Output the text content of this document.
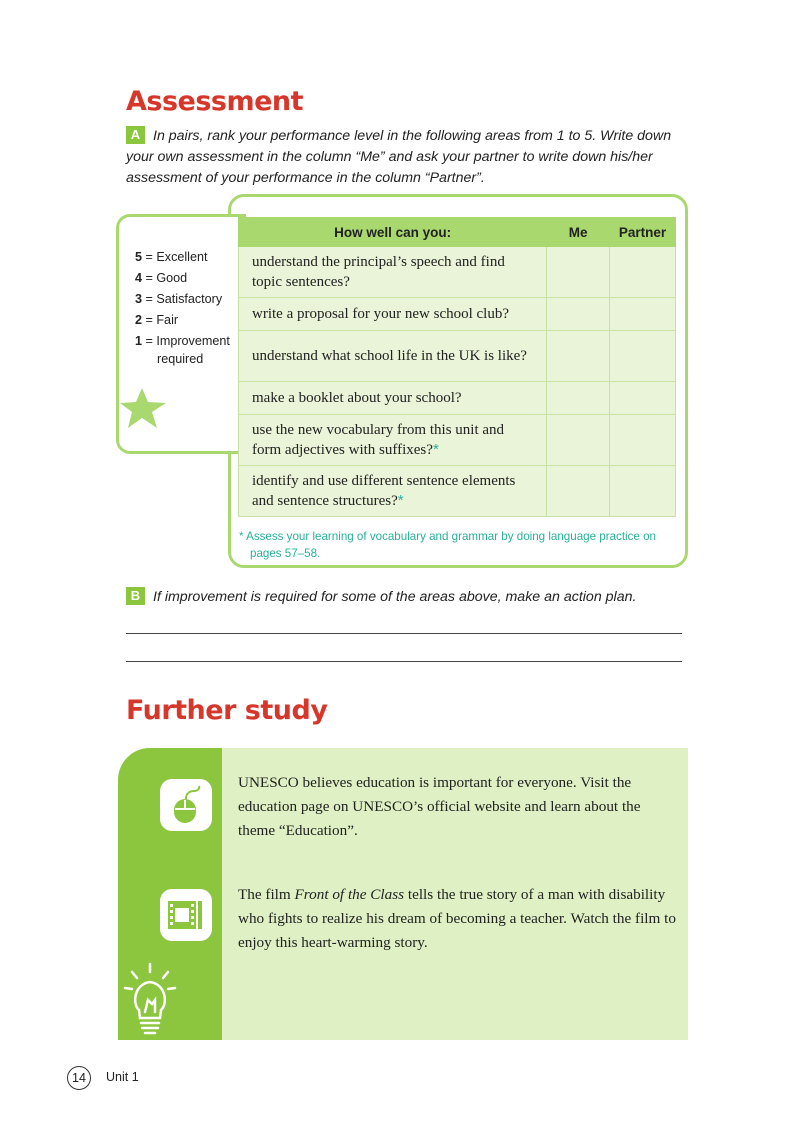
Assessment

A In pairs, rank your performance level in the following areas from 1 to 5. Write down your own assessment in the column “Me” and ask your partner to write down his/her assessment of your performance in the column “Partner”.

5 = Excellent
4 = Good
3 = Satisfactory
2 = Fair
1 = Improvement
required
How well can you:	Me	Partner
understand the principal’s speech and find topic sentences?		
write a proposal for your new school club?		
understand what school life in the UK is like?		
make a booklet about your school?		
use the new vocabulary from this unit and form adjectives with suffixes?*		
identify and use different sentence elements and sentence structures?*		

* Assess your learning of vocabulary and grammar by doing language practice on
pages 57–58.

B If improvement is required for some of the areas above, make an action plan.

Further study

UNESCO believes education is important for everyone. Visit the education page on UNESCO’s official website and learn about the theme “Education”.

The film Front of the Class tells the true story of a man with disability who fights to realize his dream of becoming a teacher. Watch the film to enjoy this heart-warming story.

14	Unit 1
